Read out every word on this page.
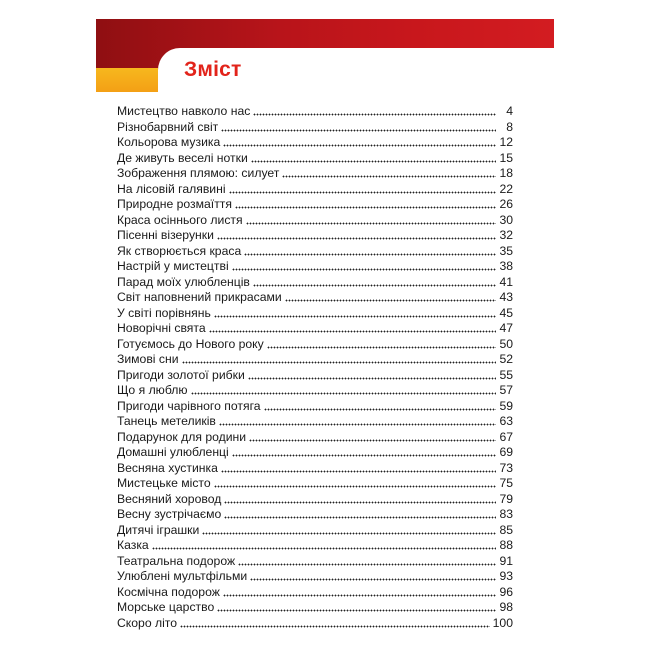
Зміст
Мистецтво навколо нас	4
Різнобарвний світ	8
Кольорова музика	12
Де живуть веселі нотки	15
Зображення плямою: силует	18
На лісовій галявині	22
Природне розмаїття	26
Краса осіннього листя	30
Пісенні візерунки	32
Як створюється краса	35
Настрій у мистецтві	38
Парад моїх улюбленців	41
Світ наповнений прикрасами	43
У світі порівнянь	45
Новорічні свята	47
Готуємось до Нового року	50
Зимові сни	52
Пригоди золотої рибки	55
Що я люблю	57
Пригоди чарівного потяга	59
Танець метеликів	63
Подарунок для родини	67
Домашні улюбленці	69
Весняна хустинка	73
Мистецьке місто	75
Весняний хоровод	79
Весну зустрічаємо	83
Дитячі іграшки	85
Казка	88
Театральна подорож	91
Улюблені мультфільми	93
Космічна подорож	96
Морське царство	98
Скоро літо	100
